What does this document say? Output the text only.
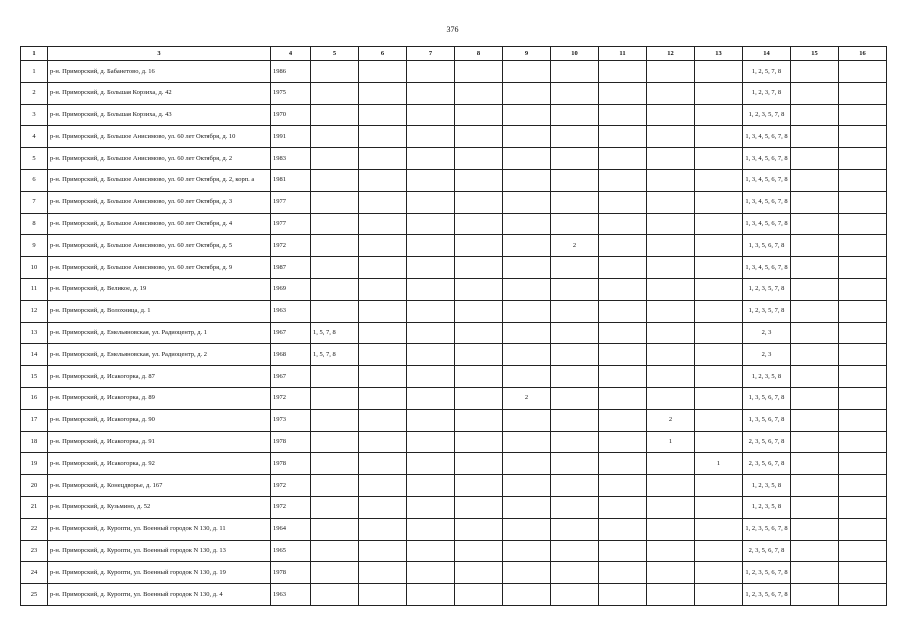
376
1	3	4	5	6	7	8	9	10	11	12	13	14	15	16
1	р-н. Приморский, д. Бабанетово, д. 16	1986										1, 2, 5, 7, 8		
2	р-н. Приморский, д. Большая Корзиха, д. 42	1975										1, 2, 3, 7, 8		
3	р-н. Приморский, д. Большая Корзиха, д. 43	1970										1, 2, 3, 5, 7, 8		
4	р-н. Приморский, д. Большое Анисимово, ул. 60 лет Октября, д. 10	1991										1, 3, 4, 5, 6, 7, 8		
5	р-н. Приморский, д. Большое Анисимово, ул. 60 лет Октября, д. 2	1983										1, 3, 4, 5, 6, 7, 8		
6	р-н. Приморский, д. Большое Анисимово, ул. 60 лет Октября, д. 2, корп. а	1981										1, 3, 4, 5, 6, 7, 8		
7	р-н. Приморский, д. Большое Анисимово, ул. 60 лет Октября, д. 3	1977										1, 3, 4, 5, 6, 7, 8		
8	р-н. Приморский, д. Большое Анисимово, ул. 60 лет Октября, д. 4	1977										1, 3, 4, 5, 6, 7, 8		
9	р-н. Приморский, д. Большое Анисимово, ул. 60 лет Октября, д. 5	1972						2				1, 3, 5, 6, 7, 8		
10	р-н. Приморский, д. Большое Анисимово, ул. 60 лет Октября, д. 9	1987										1, 3, 4, 5, 6, 7, 8		
11	р-н. Приморский, д. Великое, д. 19	1969										1, 2, 3, 5, 7, 8		
12	р-н. Приморский, д. Волохница, д. 1	1963										1, 2, 3, 5, 7, 8		
13	р-н. Приморский, д. Емельяновская, ул. Радиоцентр, д. 1	1967	1, 5, 7, 8									2, 3		
14	р-н. Приморский, д. Емельяновская, ул. Радиоцентр, д. 2	1968	1, 5, 7, 8									2, 3		
15	р-н. Приморский, д. Исакогорка, д. 87	1967										1, 2, 3, 5, 8		
16	р-н. Приморский, д. Исакогорка, д. 89	1972					2					1, 3, 5, 6, 7, 8		
17	р-н. Приморский, д. Исакогорка, д. 90	1973								2		1, 3, 5, 6, 7, 8		
18	р-н. Приморский, д. Исакогорка, д. 91	1978								1		2, 3, 5, 6, 7, 8		
19	р-н. Приморский, д. Исакогорка, д. 92	1978									1	2, 3, 5, 6, 7, 8		
20	р-н. Приморский, д. Конецдворье, д. 167	1972										1, 2, 3, 5, 8		
21	р-н. Приморский, д. Кузьмино, д. 52	1972										1, 2, 3, 5, 8		
22	р-н. Приморский, д. Куропти, ул. Военный городок N 130, д. 11	1964										1, 2, 3, 5, 6, 7, 8		
23	р-н. Приморский, д. Куропти, ул. Военный городок N 130, д. 13	1965										2, 3, 5, 6, 7, 8		
24	р-н. Приморский, д. Куропти, ул. Военный городок N 130, д. 19	1978										1, 2, 3, 5, 6, 7, 8		
25	р-н. Приморский, д. Куропти, ул. Военный городок N 130, д. 4	1963										1, 2, 3, 5, 6, 7, 8		
